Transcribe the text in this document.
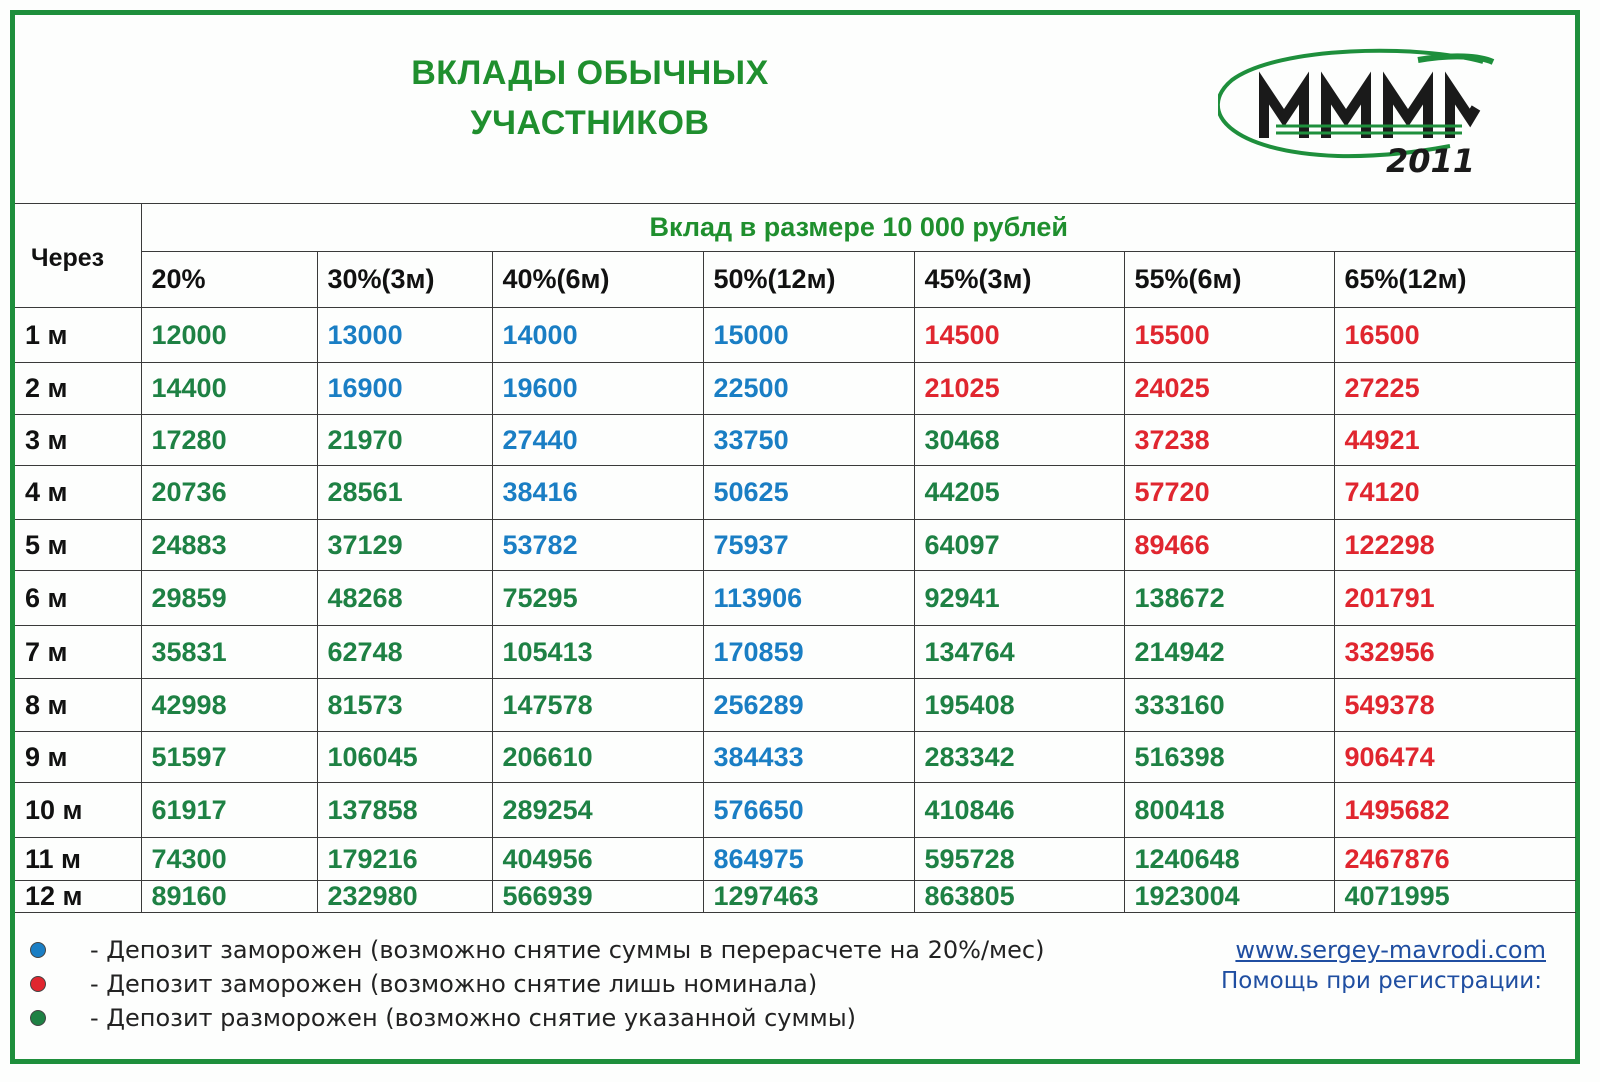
ВКЛАДЫ ОБЫЧНЫХ
УЧАСТНИКОВ
2011
Через	Вклад в размере 10 000 рублей						
	20%	30%(3м)	40%(6м)	50%(12м)	45%(3м)	55%(6м)	65%(12м)
1 м	12000	13000	14000	15000	14500	15500	16500
2 м	14400	16900	19600	22500	21025	24025	27225
3 м	17280	21970	27440	33750	30468	37238	44921
4 м	20736	28561	38416	50625	44205	57720	74120
5 м	24883	37129	53782	75937	64097	89466	122298
6 м	29859	48268	75295	113906	92941	138672	201791
7 м	35831	62748	105413	170859	134764	214942	332956
8 м	42998	81573	147578	256289	195408	333160	549378
9 м	51597	106045	206610	384433	283342	516398	906474
10 м	61917	137858	289254	576650	410846	800418	1495682
11 м	74300	179216	404956	864975	595728	1240648	2467876
12 м	89160	232980	566939	1297463	863805	1923004	4071995
- Депозит заморожен (возможно снятие суммы в перерасчете на 20%/мес)
- Депозит заморожен (возможно снятие лишь номинала)
- Депозит разморожен (возможно снятие указанной суммы)
www.sergey-mavrodi.com
Помощь при регистрации:
